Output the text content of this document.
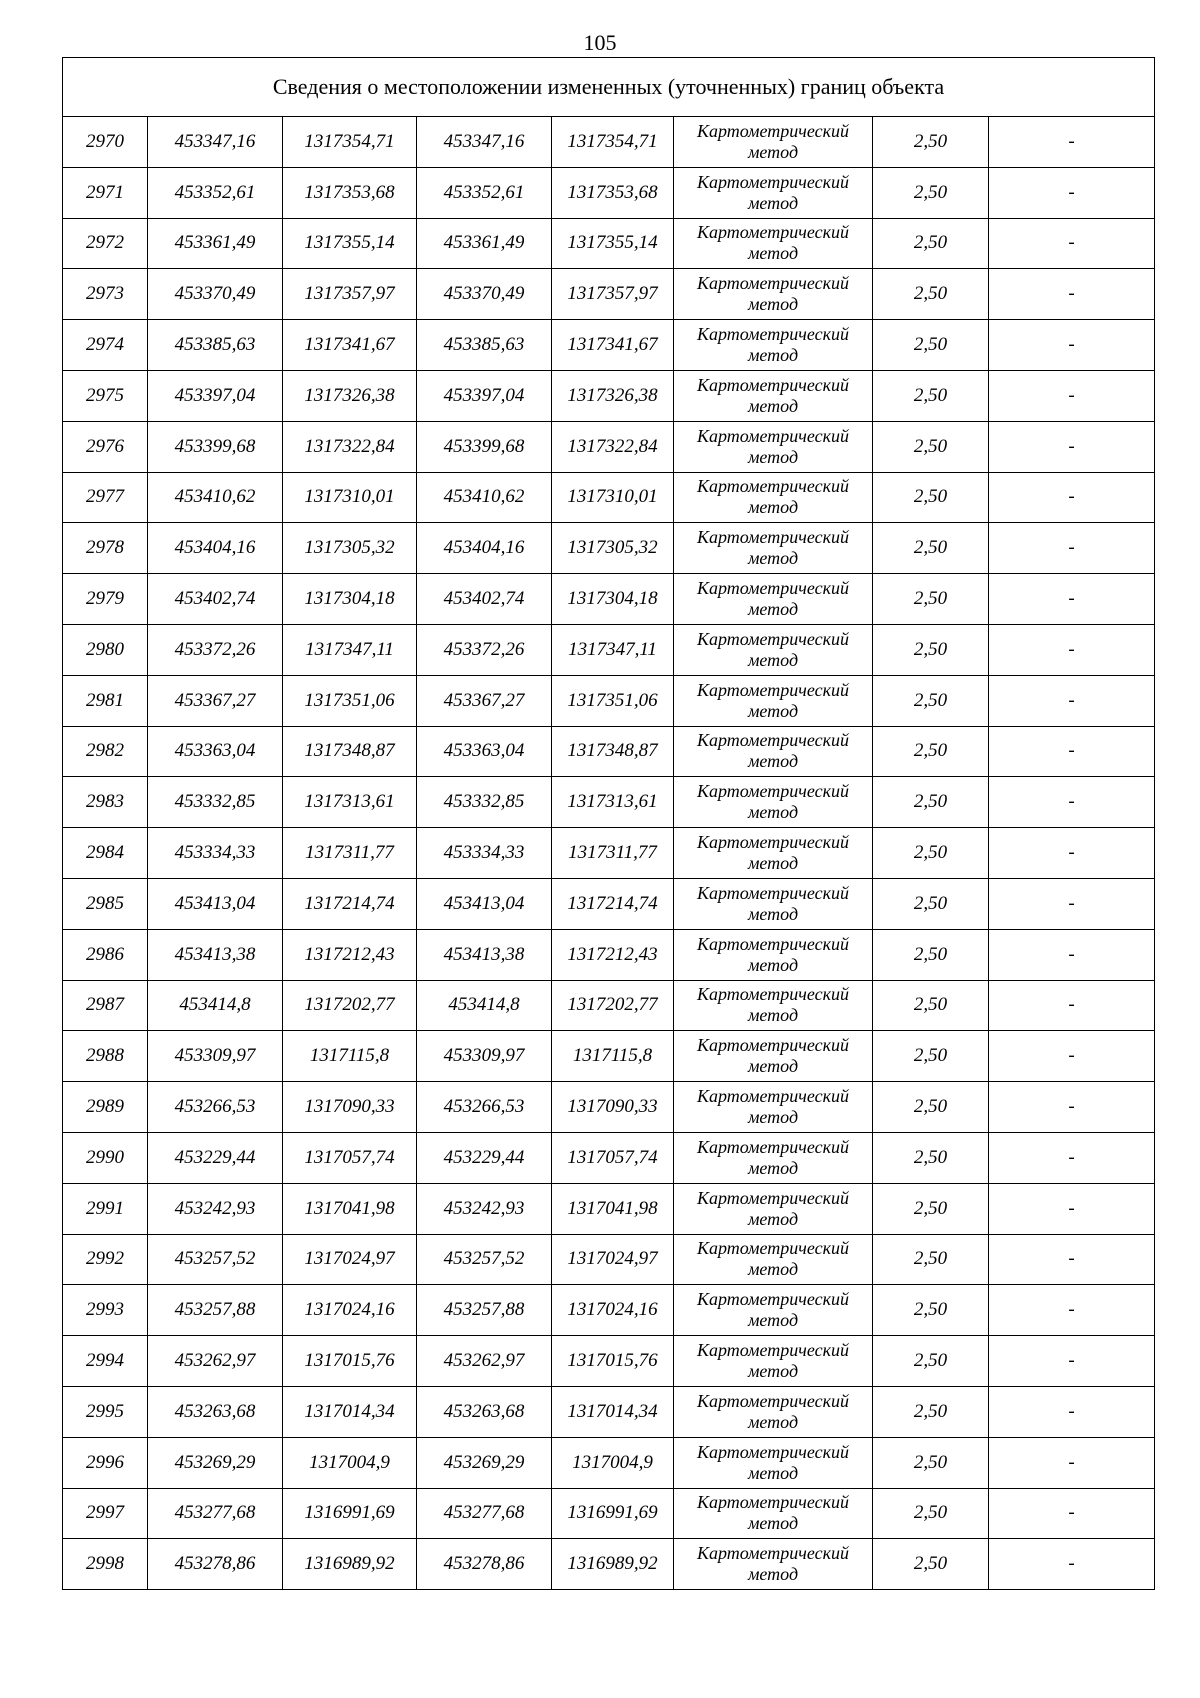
105
Сведения о местоположении измененных (уточненных) границ объекта							
2970	453347,16	1317354,71	453347,16	1317354,71	Картометрический метод	2,50	-
2971	453352,61	1317353,68	453352,61	1317353,68	Картометрический метод	2,50	-
2972	453361,49	1317355,14	453361,49	1317355,14	Картометрический метод	2,50	-
2973	453370,49	1317357,97	453370,49	1317357,97	Картометрический метод	2,50	-
2974	453385,63	1317341,67	453385,63	1317341,67	Картометрический метод	2,50	-
2975	453397,04	1317326,38	453397,04	1317326,38	Картометрический метод	2,50	-
2976	453399,68	1317322,84	453399,68	1317322,84	Картометрический метод	2,50	-
2977	453410,62	1317310,01	453410,62	1317310,01	Картометрический метод	2,50	-
2978	453404,16	1317305,32	453404,16	1317305,32	Картометрический метод	2,50	-
2979	453402,74	1317304,18	453402,74	1317304,18	Картометрический метод	2,50	-
2980	453372,26	1317347,11	453372,26	1317347,11	Картометрический метод	2,50	-
2981	453367,27	1317351,06	453367,27	1317351,06	Картометрический метод	2,50	-
2982	453363,04	1317348,87	453363,04	1317348,87	Картометрический метод	2,50	-
2983	453332,85	1317313,61	453332,85	1317313,61	Картометрический метод	2,50	-
2984	453334,33	1317311,77	453334,33	1317311,77	Картометрический метод	2,50	-
2985	453413,04	1317214,74	453413,04	1317214,74	Картометрический метод	2,50	-
2986	453413,38	1317212,43	453413,38	1317212,43	Картометрический метод	2,50	-
2987	453414,8	1317202,77	453414,8	1317202,77	Картометрический метод	2,50	-
2988	453309,97	1317115,8	453309,97	1317115,8	Картометрический метод	2,50	-
2989	453266,53	1317090,33	453266,53	1317090,33	Картометрический метод	2,50	-
2990	453229,44	1317057,74	453229,44	1317057,74	Картометрический метод	2,50	-
2991	453242,93	1317041,98	453242,93	1317041,98	Картометрический метод	2,50	-
2992	453257,52	1317024,97	453257,52	1317024,97	Картометрический метод	2,50	-
2993	453257,88	1317024,16	453257,88	1317024,16	Картометрический метод	2,50	-
2994	453262,97	1317015,76	453262,97	1317015,76	Картометрический метод	2,50	-
2995	453263,68	1317014,34	453263,68	1317014,34	Картометрический метод	2,50	-
2996	453269,29	1317004,9	453269,29	1317004,9	Картометрический метод	2,50	-
2997	453277,68	1316991,69	453277,68	1316991,69	Картометрический метод	2,50	-
2998	453278,86	1316989,92	453278,86	1316989,92	Картометрический метод	2,50	-
